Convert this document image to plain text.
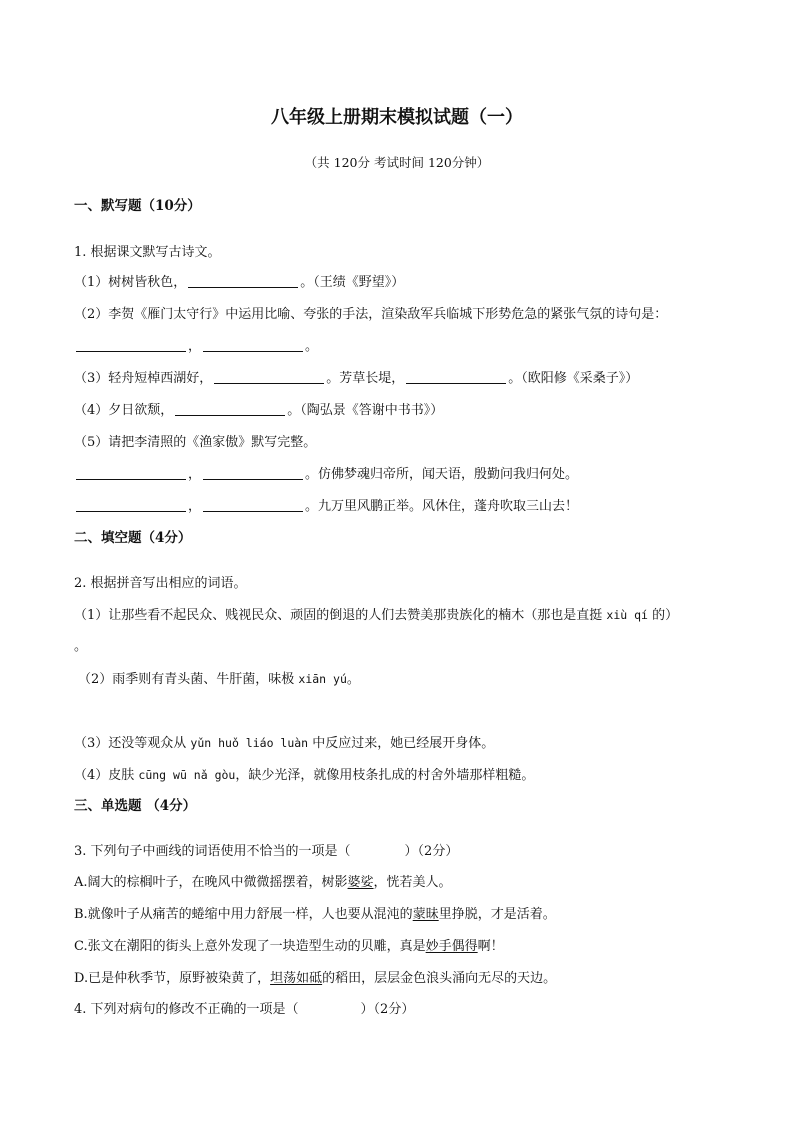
八年级上册期末模拟试题（一）
（共 120分 考试时间 120分钟）
一、默写题（10分）
1. 根据课文默写古诗文。
（1）树树皆秋色，	。（王绩《野望》）
（2）李贺《雁门太守行》中运用比喻、夸张的手法，渲染敌军兵临城下形势危急的紧张气氛的诗句是：
，	。
（3）轻舟短棹西湖好，	。芳草长堤，	。（欧阳修《采桑子》）
（4）夕日欲颓，	。（陶弘景《答谢中书书》）
（5）请把李清照的《渔家傲》默写完整。
，	。仿佛梦魂归帝所，闻天语，殷勤问我归何处。
，	。九万里风鹏正举。风休住，蓬舟吹取三山去！
二、填空题（4分）
2. 根据拼音写出相应的词语。
（1）让那些看不起民众、贱视民众、顽固的倒退的人们去赞美那贵族化的楠木（那也是直挺 xiù qí 的）
。
（2）雨季则有青头菌、牛肝菌，味极 xiān yú。
（3）还没等观众从 yǔn huǒ liáo luàn 中反应过来，她已经展开身体。
（4）皮肤 cūng wū nǎ gòu，缺少光泽，就像用枝条扎成的村舍外墙那样粗糙。
三、单选题 （4分）
3. 下列句子中画线的词语使用不恰当的一项是（	）（2分）
A.阔大的棕榈叶子，在晚风中微微摇摆着，树影婆娑，恍若美人。
B.就像叶子从痛苦的蜷缩中用力舒展一样，人也要从混沌的蒙昧里挣脱，才是活着。
C.张文在潮阳的街头上意外发现了一块造型生动的贝雕，真是妙手偶得啊！
D.已是仲秋季节，原野被染黄了，坦荡如砥的稻田，层层金色浪头涌向无尽的天边。
4. 下列对病句的修改不正确的一项是（	）（2分）
